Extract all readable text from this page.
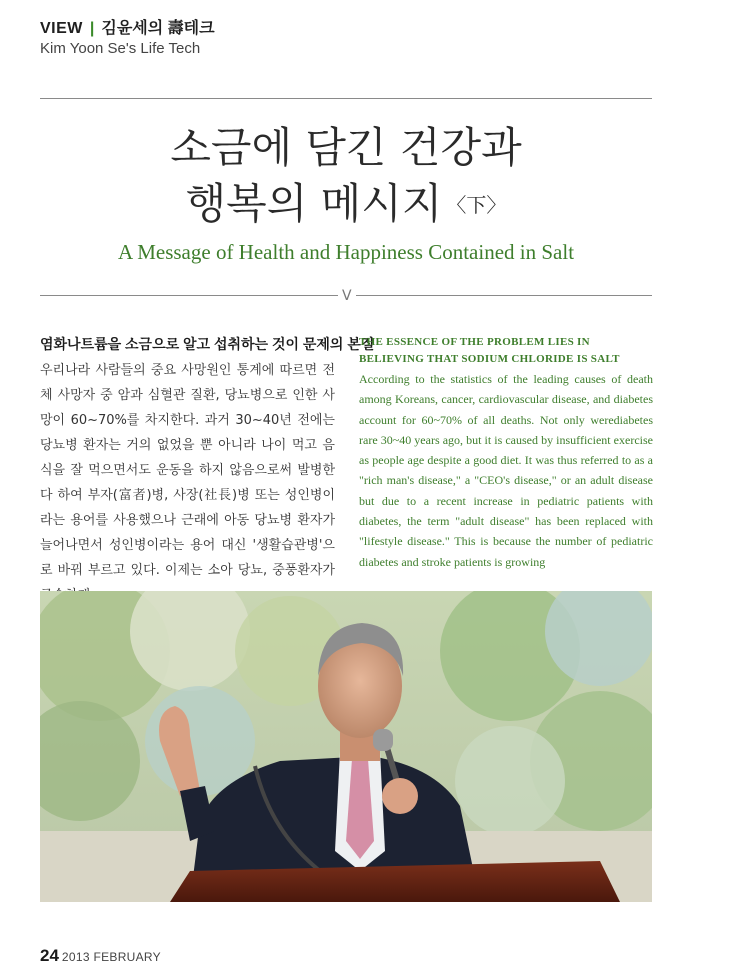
VIEW | 김윤세의 壽테크
Kim Yoon Se's Life Tech
소금에 담긴 건강과
행복의 메시지 〈下〉
A Message of Health and Happiness Contained in Salt
ᐯ
염화나트륨을 소금으로 알고 섭취하는 것이 문제의 본질
우리나라 사람들의 중요 사망원인 통계에 따르면 전체 사망자 중 암과 심혈관 질환, 당뇨병으로 인한 사망이 60~70%를 차지한다. 과거 30~40년 전에는 당뇨병 환자는 거의 없었을 뿐 아니라 나이 먹고 음식을 잘 먹으면서도 운동을 하지 않음으로써 발병한다 하여 부자(富者)병, 사장(社長)병 또는 성인병이라는 용어를 사용했으나 근래에 아동 당뇨병 환자가 늘어나면서 성인병이라는 용어 대신 '생활습관병'으로 바꿔 부르고 있다. 이제는 소아 당뇨, 중풍환자가
THE ESSENCE OF THE PROBLEM LIES IN BELIEVING THAT SODIUM CHLORIDE IS SALT
According to the statistics of the leading causes of death among Koreans, cancer, cardiovascular disease, and diabetes account for 60~70% of all deaths. Not only werediabetes rare 30~40 years ago, but it is caused by insufficient exercise as people age despite a good diet. It was thus referred to as a "rich man's disease," a "CEO's disease," or an adult disease but due to a recent increase in pediatric patients with diabetes, the term "adult disease" has been replaced with "lifestyle disease." This is because the number of pediatric diabetes and stroke patients is growing
24 2013 FEBRUARY
